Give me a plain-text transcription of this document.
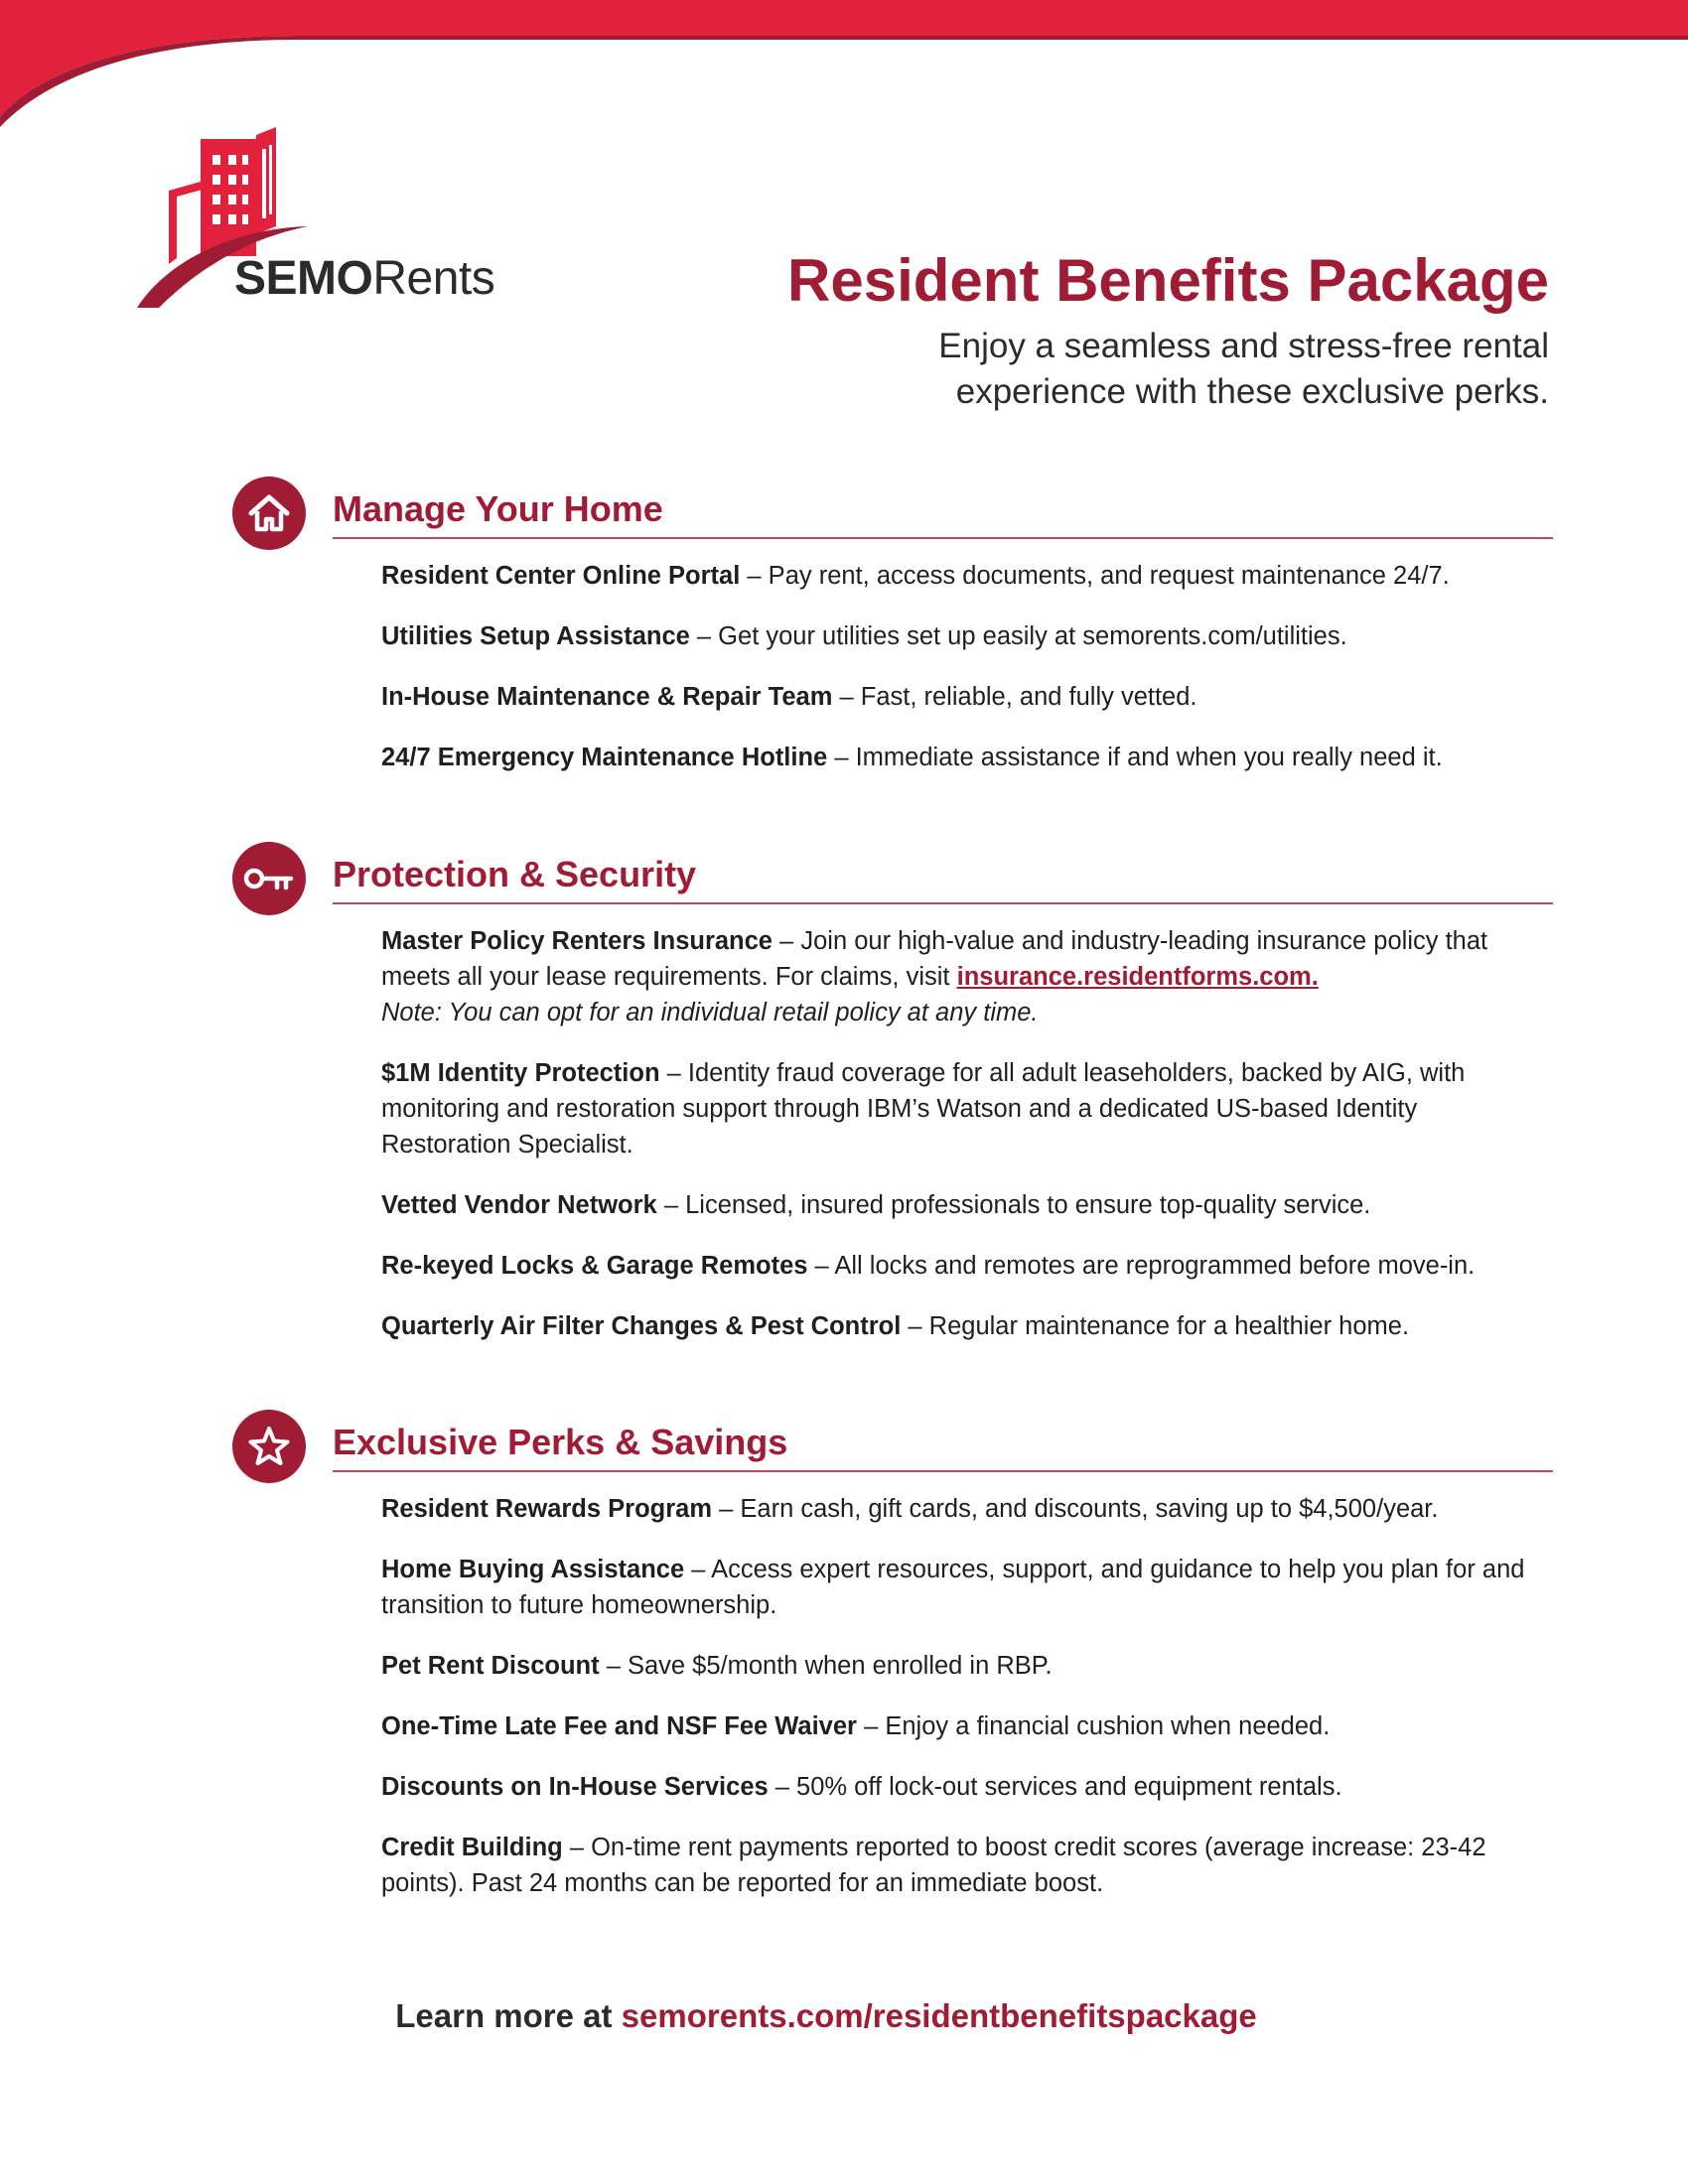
SEMORents	Resident Benefits Package

Enjoy a seamless and stress-free rental
experience with these exclusive perks.

Manage Your Home

Resident Center Online Portal – Pay rent, access documents, and request maintenance 24/7.

Utilities Setup Assistance – Get your utilities set up easily at semorents.com/utilities.

In-House Maintenance & Repair Team – Fast, reliable, and fully vetted.

24/7 Emergency Maintenance Hotline – Immediate assistance if and when you really need it.

Protection & Security

Master Policy Renters Insurance – Join our high-value and industry-leading insurance policy that meets all your lease requirements. For claims, visit insurance.residentforms.com.
Note: You can opt for an individual retail policy at any time.

$1M Identity Protection – Identity fraud coverage for all adult leaseholders, backed by AIG, with monitoring and restoration support through IBM’s Watson and a dedicated US-based Identity Restoration Specialist.

Vetted Vendor Network – Licensed, insured professionals to ensure top-quality service.

Re-keyed Locks & Garage Remotes – All locks and remotes are reprogrammed before move-in.

Quarterly Air Filter Changes & Pest Control – Regular maintenance for a healthier home.

Exclusive Perks & Savings

Resident Rewards Program – Earn cash, gift cards, and discounts, saving up to $4,500/year.

Home Buying Assistance – Access expert resources, support, and guidance to help you plan for and transition to future homeownership.

Pet Rent Discount – Save $5/month when enrolled in RBP.

One-Time Late Fee and NSF Fee Waiver – Enjoy a financial cushion when needed.

Discounts on In-House Services – 50% off lock-out services and equipment rentals.

Credit Building – On-time rent payments reported to boost credit scores (average increase: 23-42 points). Past 24 months can be reported for an immediate boost.

Learn more at semorents.com/residentbenefitspackage
